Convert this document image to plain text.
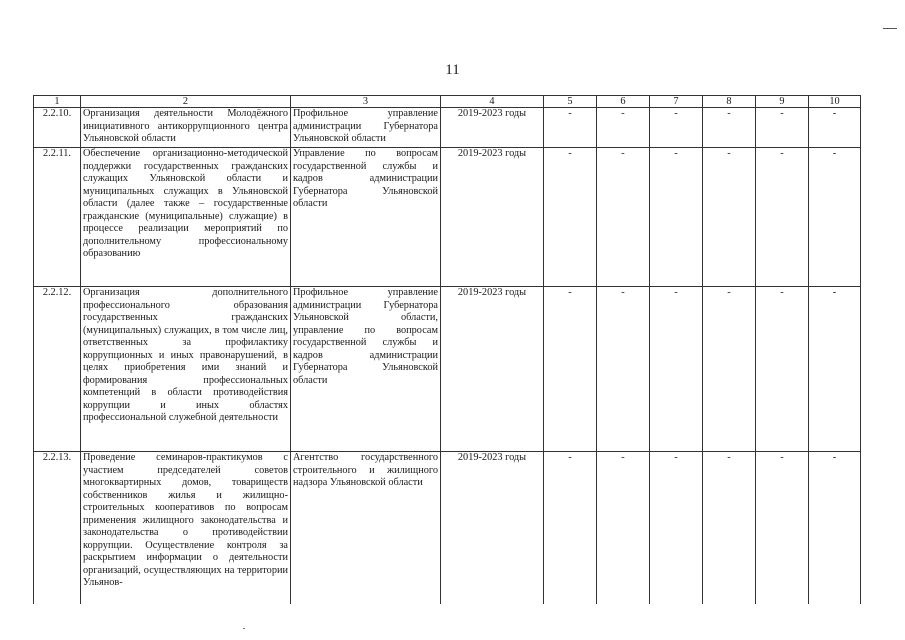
11
1	2	3	4	5	6	7	8	9	10
2.2.10.	Организация деятельности Молодёжного инициативного антикоррупционного центра Ульяновской области	Профильное управление администрации Губернатора Ульяновской области	2019-2023 годы	-	-	-	-	-	-
2.2.11.	Обеспечение организационно-методической поддержки государственных гражданских служащих Ульяновской области и муниципальных служащих в Ульяновской области (далее также – государственные гражданские (муниципальные) служащие) в процессе реализации мероприятий по дополнительному профессиональному образованию	Управление по вопросам государственной службы и кадров администрации Губернатора Ульяновской области	2019-2023 годы	-	-	-	-	-	-
2.2.12.	Организация дополнительного профессионального образования государственных гражданских (муниципальных) служащих, в том числе лиц, ответственных за профилактику коррупционных и иных правонарушений, в целях приобретения ими знаний и формирования профессиональных компетенций в области противодействия коррупции и иных областях профессиональной служебной деятельности	Профильное управление администрации Губернатора Ульяновской области, управление по вопросам государственной службы и кадров администрации Губернатора Ульяновской области	2019-2023 годы	-	-	-	-	-	-
2.2.13.	Проведение семинаров-практикумов с участием председателей советов многоквартирных домов, товариществ собственников жилья и жилищно-строительных кооперативов по вопросам применения жилищного законодательства и законодательства о противодействии коррупции. Осуществление контроля за раскрытием информации о деятельности организаций, осуществляющих на территории Ульянов-	Агентство государственного строительного и жилищного надзора Ульяновской области	2019-2023 годы	-	-	-	-	-	-
